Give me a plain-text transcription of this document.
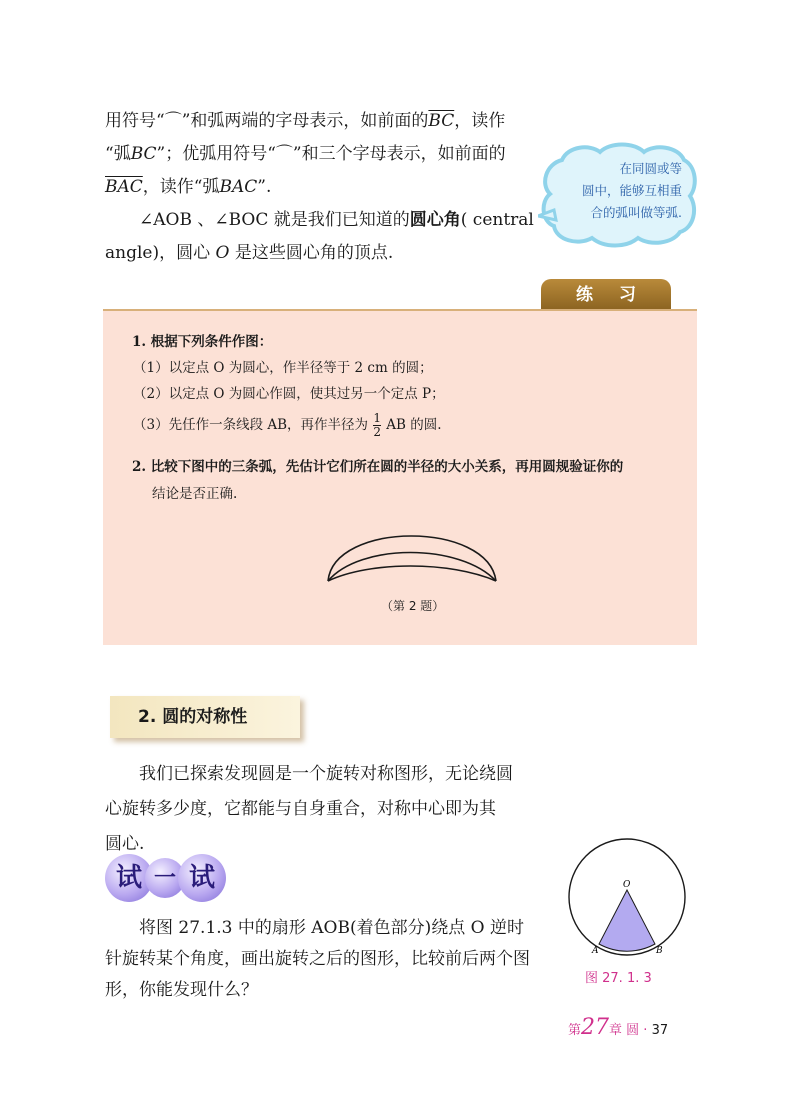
用符号“⌒”和弧两端的字母表示，如前面的$\overline{BC}$，读作
“弧BC”；优弧用符号“⌒”和三个字母表示，如前面的
$\overline{BAC}$，读作“弧BAC”.
∠AOB 、∠BOC 就是我们已知道的圆心角( central
angle)，圆心 O 是这些圆心角的顶点.
在同圆或等
圆中，能够互相重
合的弧叫做等弧.
练习
1. 根据下列条件作图：
（1）以定点 O 为圆心，作半径等于 2 cm 的圆；
（2）以定点 O 为圆心作圆，使其过另一个定点 P；
（3）先任作一条线段 AB，再作半径为 $\frac{1}{2}$ AB 的圆.
2. 比较下图中的三条弧，先估计它们所在圆的半径的大小关系，再用圆规验证你的
结论是否正确.
（第 2 题）
2. 圆的对称性
我们已探索发现圆是一个旋转对称图形，无论绕圆
心旋转多少度，它都能与自身重合，对称中心即为其
圆心.
试 一 试
将图 27.1.3 中的扇形 AOB(着色部分)绕点 O 逆时
针旋转某个角度，画出旋转之后的图形，比较前后两个图
形，你能发现什么？
O
A	B
图 27. 1. 3
第27章 圆 · 37
